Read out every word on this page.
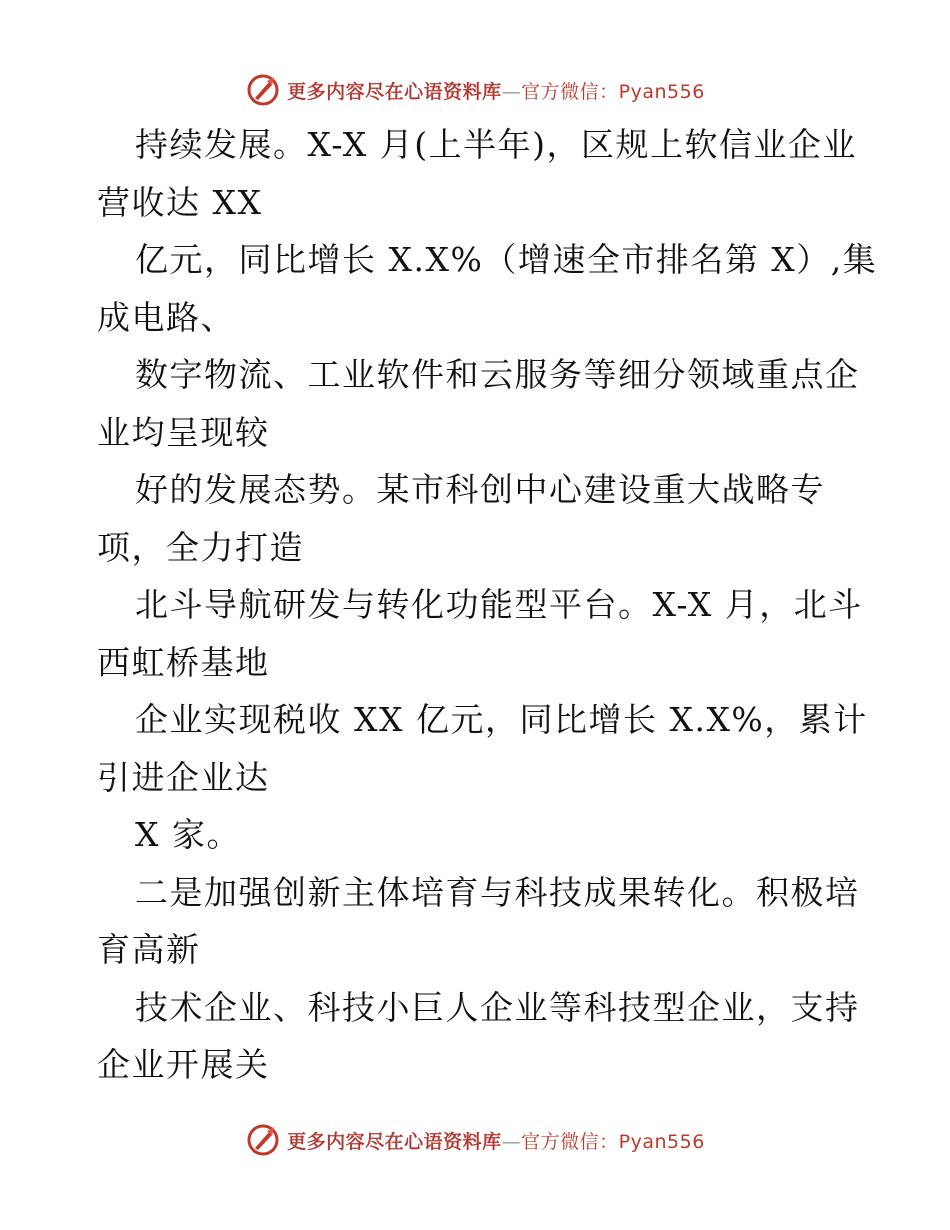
更多内容尽在心语资料库—官方微信：Pyan556
持续发展。X-X 月(上半年)，区规上软信业企业
营收达 XX
亿元，同比增长 X.X%（增速全市排名第 X）,集
成电路、
数字物流、工业软件和云服务等细分领域重点企
业均呈现较
好的发展态势。某市科创中心建设重大战略专
项，全力打造
北斗导航研发与转化功能型平台。X-X 月，北斗
西虹桥基地
企业实现税收 XX 亿元，同比增长 X.X%，累计
引进企业达
X 家。
二是加强创新主体培育与科技成果转化。积极培
育高新
技术企业、科技小巨人企业等科技型企业，支持
企业开展关
更多内容尽在心语资料库—官方微信：Pyan556
